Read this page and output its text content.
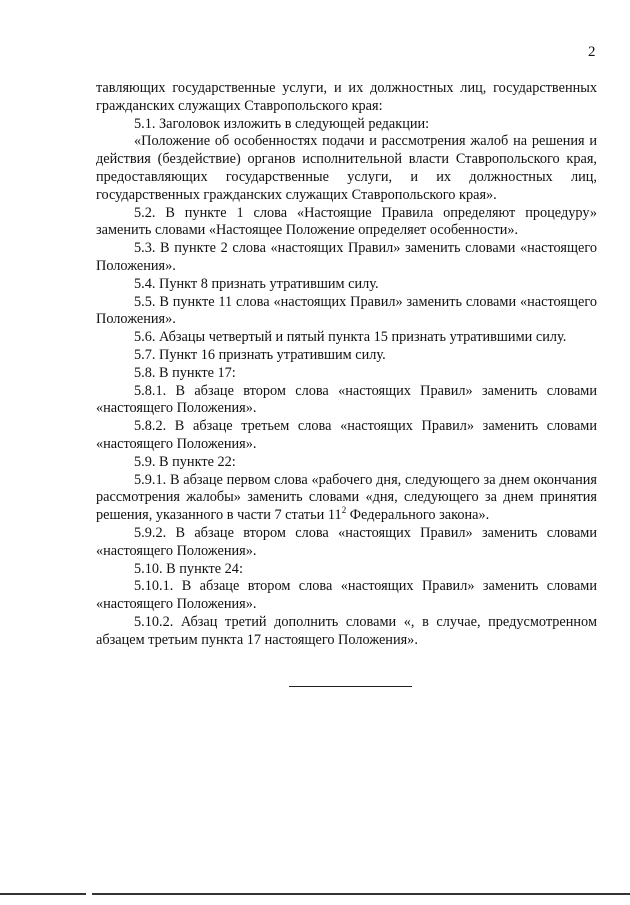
2

тавляющих государственные услуги, и их должностных лиц, государственных гражданских служащих Ставропольского края:

5.1. Заголовок изложить в следующей редакции:

«Положение об особенностях подачи и рассмотрения жалоб на решения и действия (бездействие) органов исполнительной власти Ставропольского края, предоставляющих государственные услуги, и их должностных лиц, государственных гражданских служащих Ставропольского края».

5.2. В пункте 1 слова «Настоящие Правила определяют процедуру» заменить словами «Настоящее Положение определяет особенности».

5.3. В пункте 2 слова «настоящих Правил» заменить словами «настоящего Положения».

5.4. Пункт 8 признать утратившим силу.

5.5. В пункте 11 слова «настоящих Правил» заменить словами «настоящего Положения».

5.6. Абзацы четвертый и пятый пункта 15 признать утратившими силу.

5.7. Пункт 16 признать утратившим силу.

5.8. В пункте 17:

5.8.1. В абзаце втором слова «настоящих Правил» заменить словами «настоящего Положения».

5.8.2. В абзаце третьем слова «настоящих Правил» заменить словами «настоящего Положения».

5.9. В пункте 22:

5.9.1. В абзаце первом слова «рабочего дня, следующего за днем окончания рассмотрения жалобы» заменить словами «дня, следующего за днем принятия решения, указанного в части 7 статьи $11^2$ Федерального закона».

5.9.2. В абзаце втором слова «настоящих Правил» заменить словами «настоящего Положения».

5.10. В пункте 24:

5.10.1. В абзаце втором слова «настоящих Правил» заменить словами «настоящего Положения».

5.10.2. Абзац третий дополнить словами «, в случае, предусмотренном абзацем третьим пункта 17 настоящего Положения».
